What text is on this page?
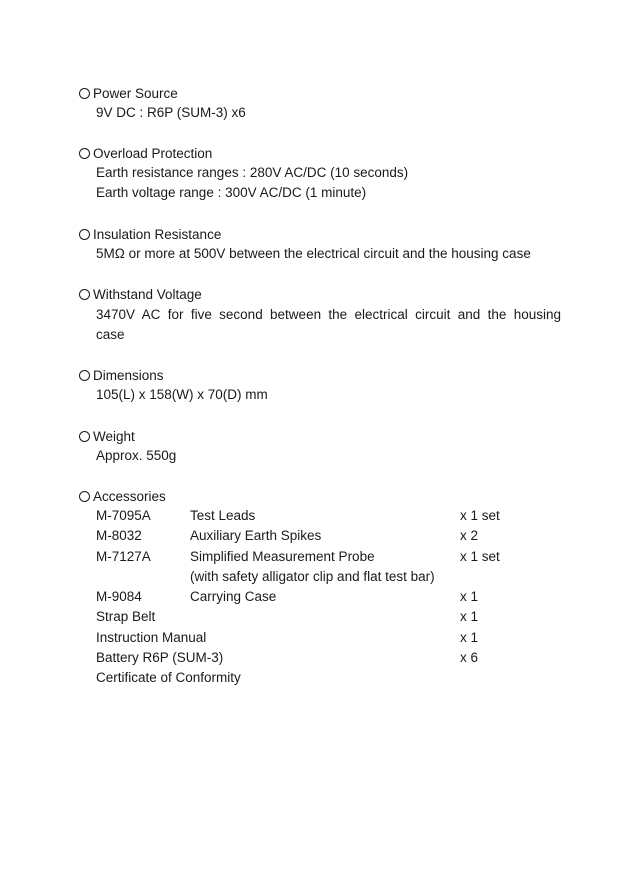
Power Source
9V DC : R6P (SUM-3) x6
Overload Protection
Earth resistance ranges : 280V AC/DC (10 seconds)
Earth voltage range : 300V AC/DC (1 minute)
Insulation Resistance
5MΩ or more at 500V between the electrical circuit and the housing case
Withstand Voltage
3470V AC for five second between the electrical circuit and the housing
case
Dimensions
105(L) x 158(W) x 70(D) mm
Weight
Approx. 550g
Accessories
M-7095A	Test Leads	x 1 set
M-8032	Auxiliary Earth Spikes	x 2
M-7127A	Simplified Measurement Probe	x 1 set
(with safety alligator clip and flat test bar)
M-9084	Carrying Case	x 1
Strap Belt	x 1
Instruction Manual	x 1
Battery R6P (SUM-3)	x 6
Certificate of Conformity
